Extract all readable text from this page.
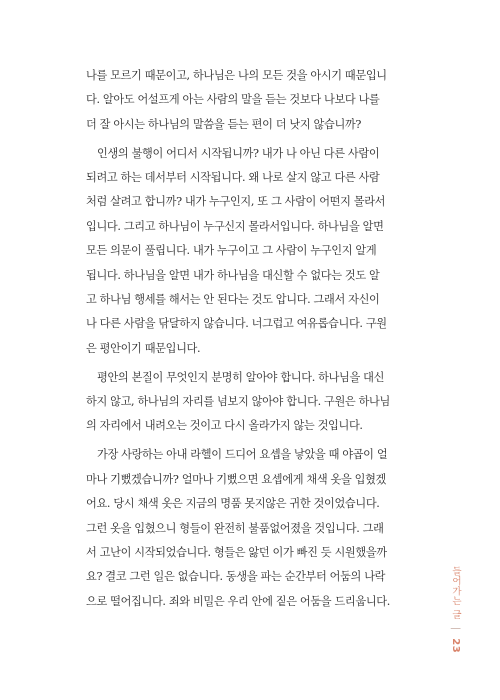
나를 모르기 때문이고, 하나님은 나의 모든 것을 아시기 때문입니
다. 알아도 어설프게 아는 사람의 말을 듣는 것보다 나보다 나를
더 잘 아시는 하나님의 말씀을 듣는 편이 더 낫지 않습니까?
인생의 불행이 어디서 시작됩니까? 내가 나 아닌 다른 사람이
되려고 하는 데서부터 시작됩니다. 왜 나로 살지 않고 다른 사람
처럼 살려고 합니까? 내가 누구인지, 또 그 사람이 어떤지 몰라서
입니다. 그리고 하나님이 누구신지 몰라서입니다. 하나님을 알면
모든 의문이 풀립니다. 내가 누구이고 그 사람이 누구인지 알게
됩니다. 하나님을 알면 내가 하나님을 대신할 수 없다는 것도 알
고 하나님 행세를 해서는 안 된다는 것도 압니다. 그래서 자신이
나 다른 사람을 닦달하지 않습니다. 너그럽고 여유롭습니다. 구원
은 평안이기 때문입니다.
평안의 본질이 무엇인지 분명히 알아야 합니다. 하나님을 대신
하지 않고, 하나님의 자리를 넘보지 않아야 합니다. 구원은 하나님
의 자리에서 내려오는 것이고 다시 올라가지 않는 것입니다.
가장 사랑하는 아내 라헬이 드디어 요셉을 낳았을 때 야곱이 얼
마나 기뻤겠습니까? 얼마나 기뻤으면 요셉에게 채색 옷을 입혔겠
어요. 당시 채색 옷은 지금의 명품 못지않은 귀한 것이었습니다.
그런 옷을 입혔으니 형들이 완전히 불품없어졌을 것입니다. 그래
서 고난이 시작되었습니다. 형들은 앓던 이가 빠진 듯 시원했을까
요? 결코 그런 일은 없습니다. 동생을 파는 순간부터 어둠의 나락
으로 떨어집니다. 죄와 비밀은 우리 안에 짙은 어둠을 드리웁니다.	들어가는 글 | 23
